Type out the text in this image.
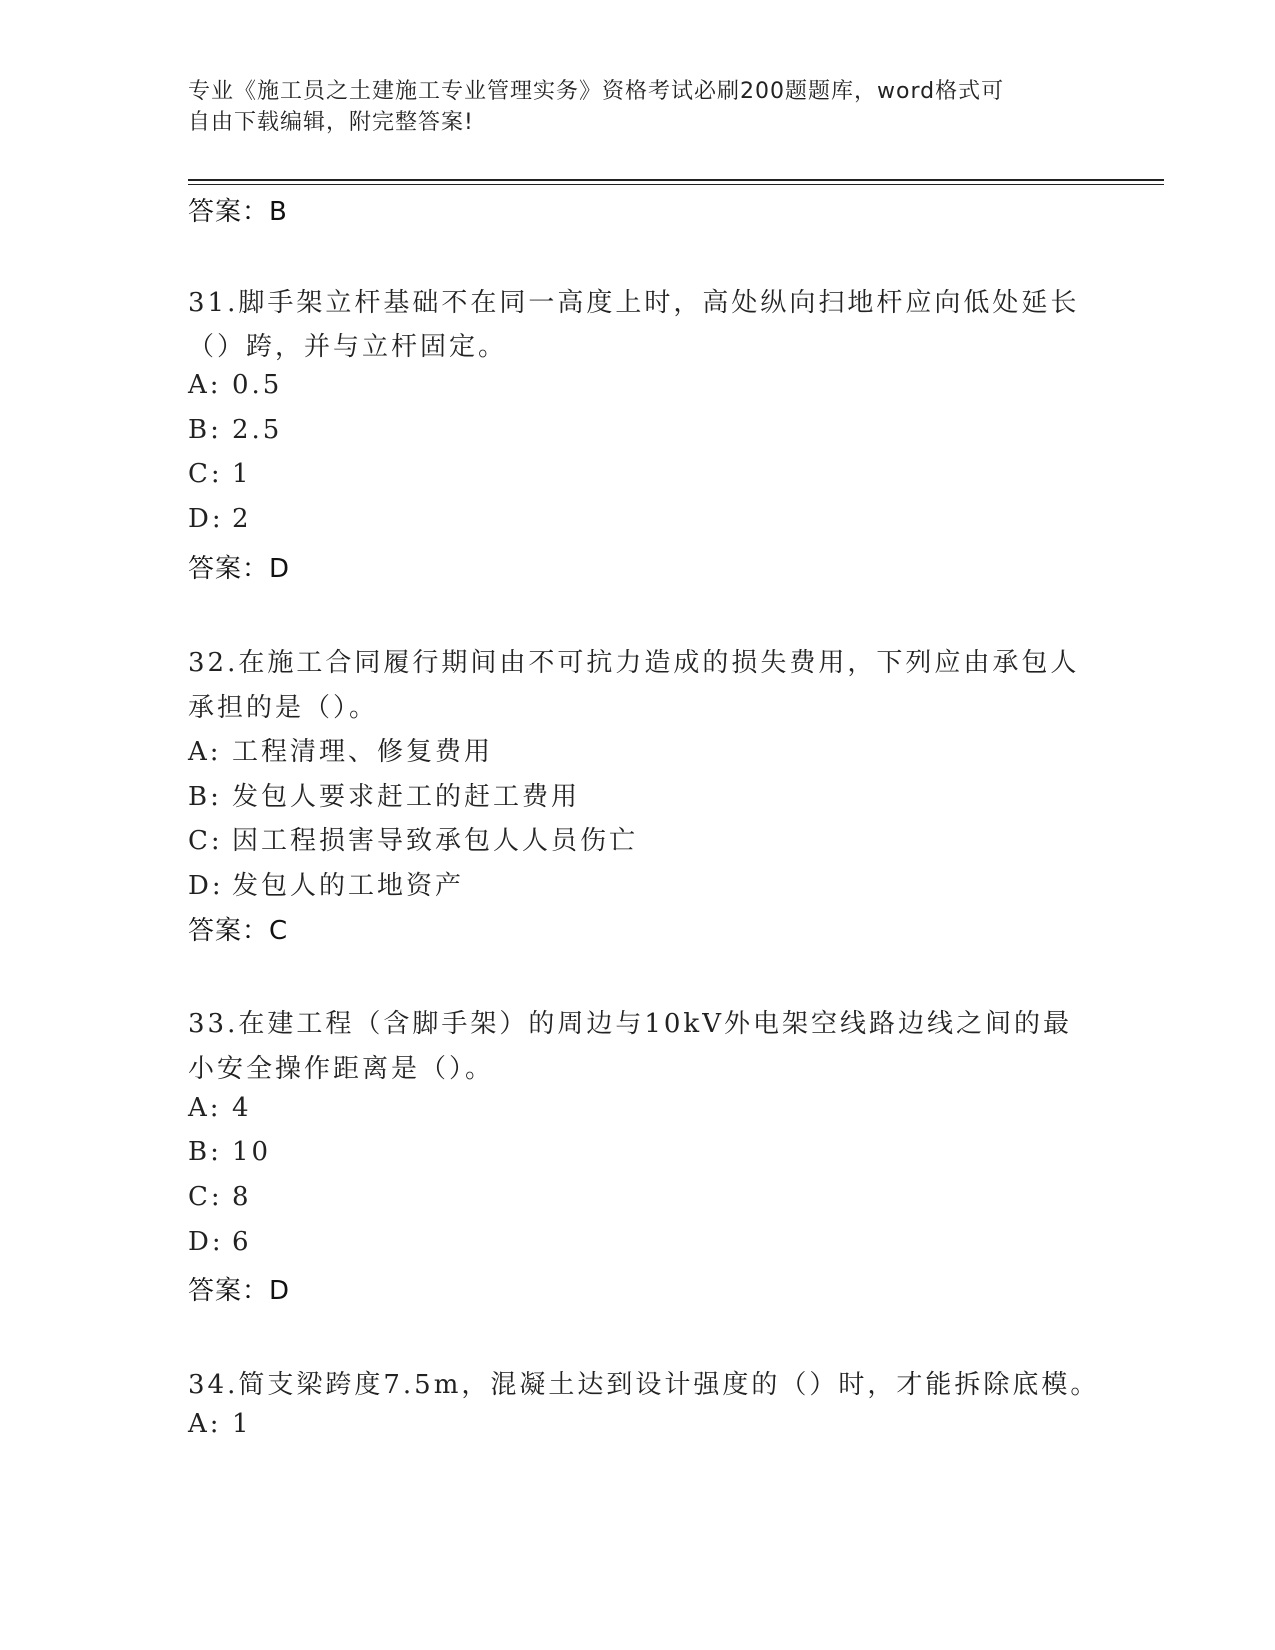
专业《施工员之土建施工专业管理实务》资格考试必刷200题题库，word格式可
自由下载编辑，附完整答案!
答案：B
31.脚手架立杆基础不在同一高度上时，高处纵向扫地杆应向低处延长
（）跨，并与立杆固定。
A: 0.5
B: 2.5
C: 1
D: 2
答案：D
32.在施工合同履行期间由不可抗力造成的损失费用，下列应由承包人
承担的是（）。
A: 工程清理、修复费用
B: 发包人要求赶工的赶工费用
C: 因工程损害导致承包人人员伤亡
D: 发包人的工地资产
答案：C
33.在建工程（含脚手架）的周边与10kV外电架空线路边线之间的最
小安全操作距离是（）。
A: 4
B: 10
C: 8
D: 6
答案：D
34.简支梁跨度7.5m，混凝土达到设计强度的（）时，才能拆除底模。
A: 1
